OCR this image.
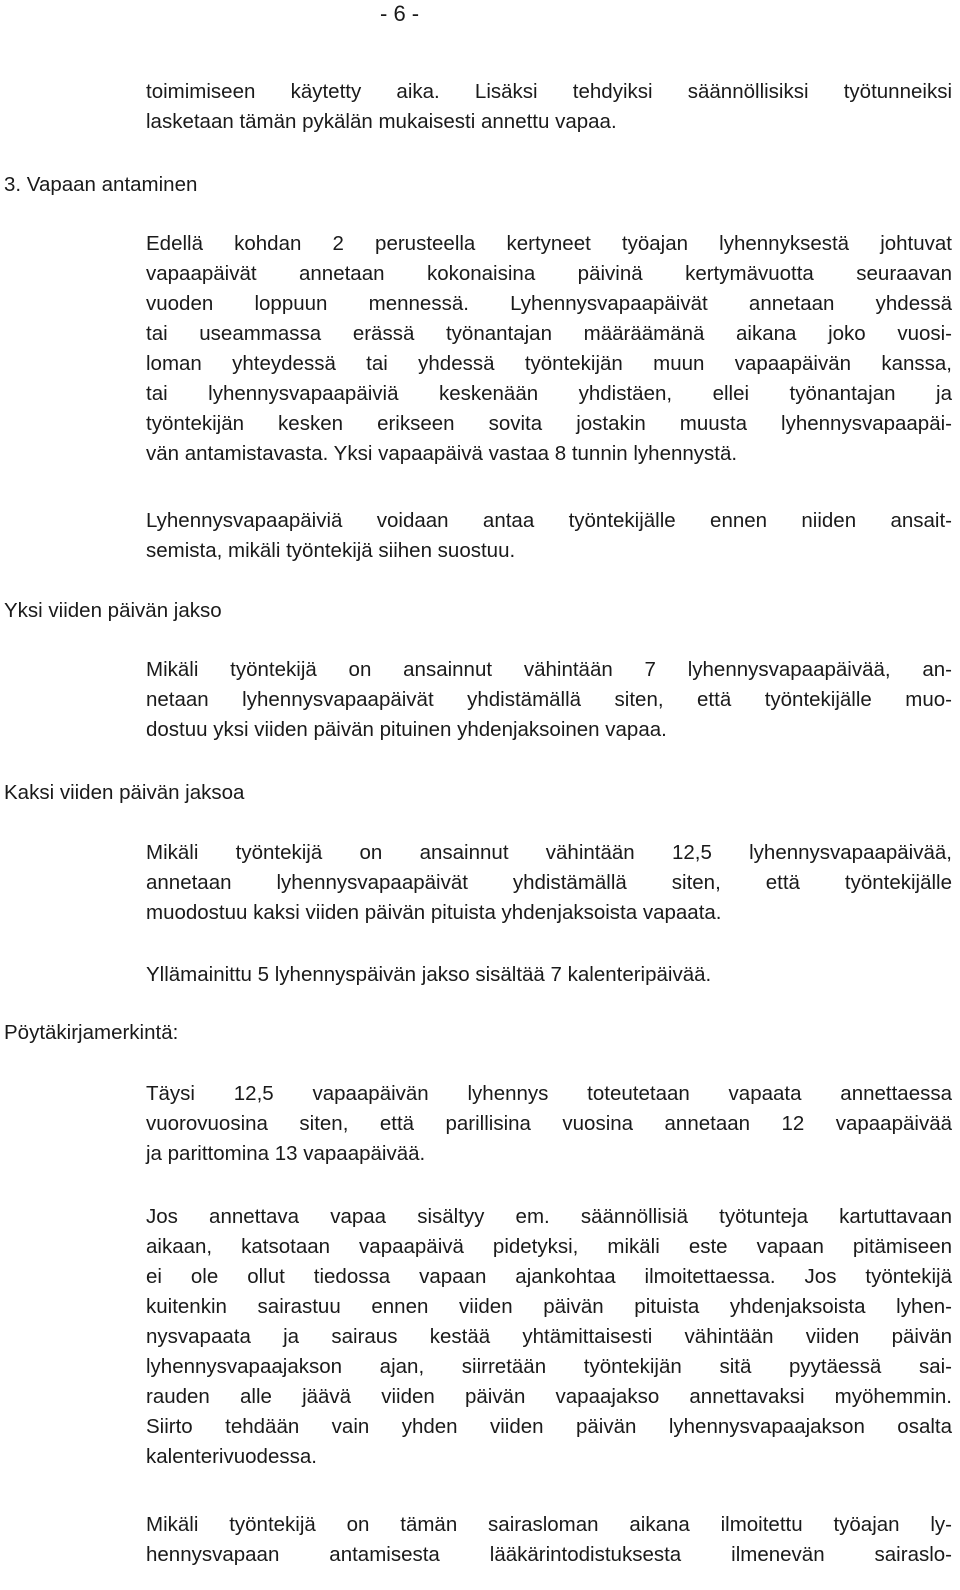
- 6 -
toimimiseen käytetty aika. Lisäksi tehdyiksi säännöllisiksi työtunneiksi
lasketaan tämän pykälän mukaisesti annettu vapaa.
3. Vapaan antaminen
Edellä kohdan 2 perusteella kertyneet työajan lyhennyksestä johtuvat
vapaapäivät annetaan kokonaisina päivinä kertymävuotta seuraavan
vuoden loppuun mennessä. Lyhennysvapaapäivät annetaan yhdessä
tai useammassa erässä työnantajan määräämänä aikana joko vuosi-
loman yhteydessä tai yhdessä työntekijän muun vapaapäivän kanssa,
tai lyhennysvapaapäiviä keskenään yhdistäen, ellei työnantajan ja
työntekijän kesken erikseen sovita jostakin muusta lyhennysvapaapäi-
vän antamistavasta. Yksi vapaapäivä vastaa 8 tunnin lyhennystä.
Lyhennysvapaapäiviä voidaan antaa työntekijälle ennen niiden ansait-
semista, mikäli työntekijä siihen suostuu.
Yksi viiden päivän jakso
Mikäli työntekijä on ansainnut vähintään 7 lyhennysvapaapäivää, an-
netaan lyhennysvapaapäivät yhdistämällä siten, että työntekijälle muo-
dostuu yksi viiden päivän pituinen yhdenjaksoinen vapaa.
Kaksi viiden päivän jaksoa
Mikäli työntekijä on ansainnut vähintään 12,5 lyhennysvapaapäivää,
annetaan lyhennysvapaapäivät yhdistämällä siten, että työntekijälle
muodostuu kaksi viiden päivän pituista yhdenjaksoista vapaata.
Yllämainittu 5 lyhennyspäivän jakso sisältää 7 kalenteripäivää.
Pöytäkirjamerkintä:
Täysi 12,5 vapaapäivän lyhennys toteutetaan vapaata annettaessa
vuorovuosina siten, että parillisina vuosina annetaan 12 vapaapäivää
ja parittomina 13 vapaapäivää.
Jos annettava vapaa sisältyy em. säännöllisiä työtunteja kartuttavaan
aikaan, katsotaan vapaapäivä pidetyksi, mikäli este vapaan pitämiseen
ei ole ollut tiedossa vapaan ajankohtaa ilmoitettaessa. Jos työntekijä
kuitenkin sairastuu ennen viiden päivän pituista yhdenjaksoista lyhen-
nysvapaata ja sairaus kestää yhtämittaisesti vähintään viiden päivän
lyhennysvapaajakson ajan, siirretään työntekijän sitä pyytäessä sai-
rauden alle jäävä viiden päivän vapaajakso annettavaksi myöhemmin.
Siirto tehdään vain yhden viiden päivän lyhennysvapaajakson osalta
kalenterivuodessa.
Mikäli työntekijä on tämän sairasloman aikana ilmoitettu työajan ly-
hennysvapaan antamisesta lääkärintodistuksesta ilmenevän sairaslo-
